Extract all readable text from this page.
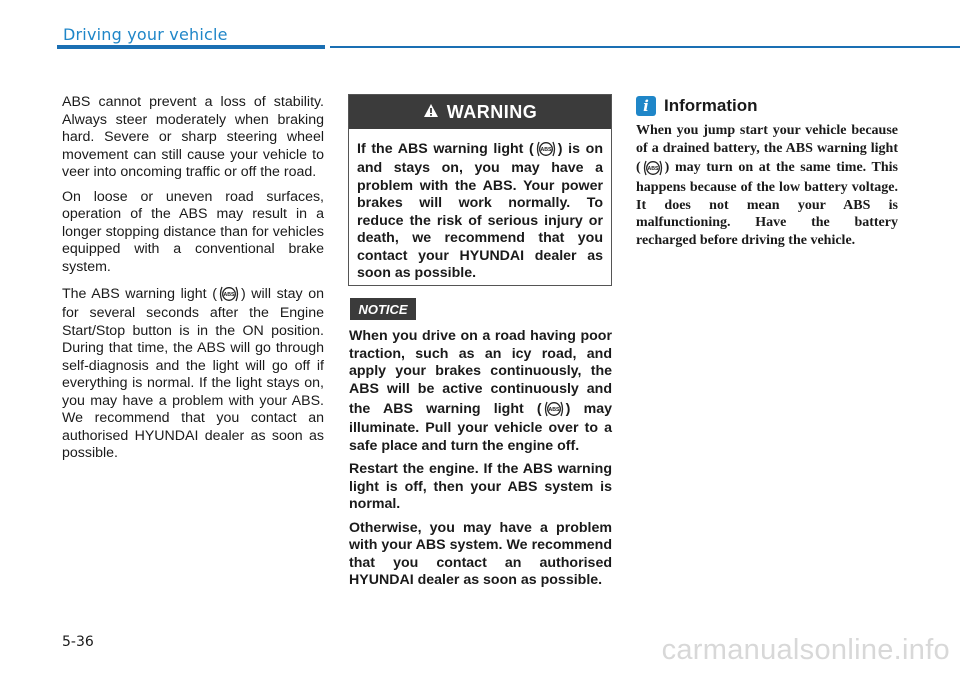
Driving your vehicle

ABS cannot prevent a loss of stability. Always steer moderately when braking hard. Severe or sharp steering wheel movement can still cause your vehicle to veer into oncoming traffic or off the road.

On loose or uneven road surfaces, operation of the ABS may result in a longer stopping distance than for vehicles equipped with a conventional brake system.

The ABS warning light ( ABS ) will stay on for several seconds after the Engine Start/Stop button is in the ON position. During that time, the ABS will go through self-diagnosis and the light will go off if everything is normal. If the light stays on, you may have a problem with your ABS. We recommend that you contact an authorised HYUNDAI dealer as soon as possible.

WARNING
If the ABS warning light ( ABS ) is on and stays on, you may have a problem with the ABS. Your power brakes will work normally. To reduce the risk of serious injury or death, we recommend that you contact your HYUNDAI dealer as soon as possible.
NOTICE

When you drive on a road having poor traction, such as an icy road, and apply your brakes continuously, the ABS will be active continuously and the ABS warning light ( ABS ) may illuminate. Pull your vehicle over to a safe place and turn the engine off.

Restart the engine. If the ABS warning light is off, then your ABS system is normal.

Otherwise, you may have a problem with your ABS system. We recommend that you contact an authorised HYUNDAI dealer as soon as possible.

i Information
When you jump start your vehicle because of a drained battery, the ABS warning light ( ABS ) may turn on at the same time. This happens because of the low battery voltage. It does not mean your ABS is malfunctioning. Have the battery recharged before driving the vehicle.
5-36	carmanualsonline.info
